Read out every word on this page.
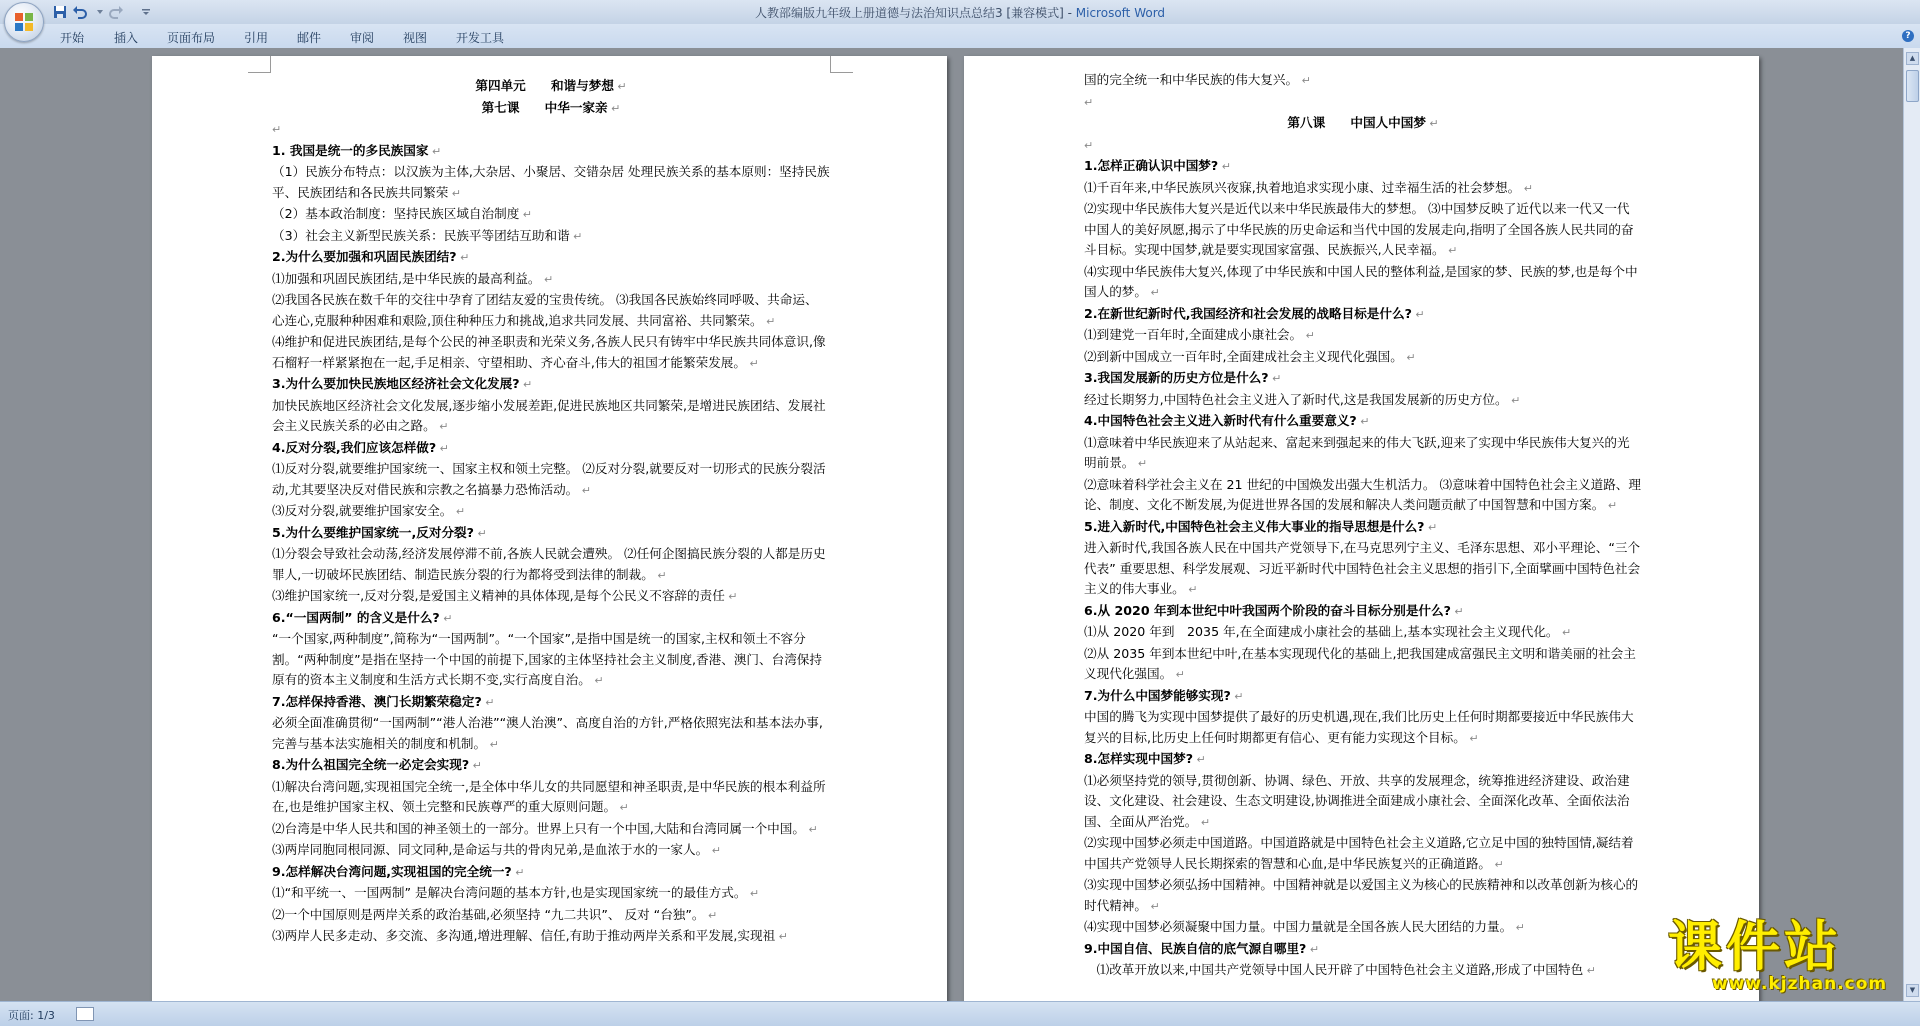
人教部编版九年级上册道德与法治知识点总结3 [兼容模式] - Microsoft Word
开始 插入 页面布局 引用 邮件 审阅 视图 开发工具	?

第四单元　　和谐与梦想 ↵

第七课　　中华一家亲 ↵

↵

1. 我国是统一的多民族国家 ↵

（1）民族分布特点：以汉族为主体,大杂居、小聚居、交错杂居 处理民族关系的基本原则：坚持民族平、民族团结和各民族共同繁荣 ↵

（2）基本政治制度：坚持民族区域自治制度 ↵

（3）社会主义新型民族关系：民族平等团结互助和谐 ↵

2.为什么要加强和巩固民族团结? ↵

⑴加强和巩固民族团结,是中华民族的最高利益。 ↵

⑵我国各民族在数千年的交往中孕育了团结友爱的宝贵传统。 ⑶我国各民族始终同呼吸、共命运、心连心,克服种种困难和艰险,顶住种种压力和挑战,追求共同发展、共同富裕、共同繁荣。 ↵

⑷维护和促进民族团结,是每个公民的神圣职责和光荣义务,各族人民只有铸牢中华民族共同体意识,像石榴籽一样紧紧抱在一起,手足相亲、守望相助、齐心奋斗,伟大的祖国才能繁荣发展。 ↵

3.为什么要加快民族地区经济社会文化发展? ↵

加快民族地区经济社会文化发展,逐步缩小发展差距,促进民族地区共同繁荣,是增进民族团结、发展社会主义民族关系的必由之路。 ↵

4.反对分裂,我们应该怎样做? ↵

⑴反对分裂,就要维护国家统一、国家主权和领土完整。 ⑵反对分裂,就要反对一切形式的民族分裂活动,尤其要坚决反对借民族和宗教之名搞暴力恐怖活动。 ↵

⑶反对分裂,就要维护国家安全。 ↵

5.为什么要维护国家统一,反对分裂? ↵

⑴分裂会导致社会动荡,经济发展停滞不前,各族人民就会遭殃。 ⑵任何企图搞民族分裂的人都是历史罪人,一切破坏民族团结、制造民族分裂的行为都将受到法律的制裁。 ↵

⑶维护国家统一,反对分裂,是爱国主义精神的具体体现,是每个公民义不容辞的责任 ↵

6.“一国两制” 的含义是什么? ↵

“一个国家,两种制度”,简称为“一国两制”。“一个国家”,是指中国是统一的国家,主权和领土不容分割。“两种制度”是指在坚持一个中国的前提下,国家的主体坚持社会主义制度,香港、澳门、台湾保持原有的资本主义制度和生活方式长期不变,实行高度自治。 ↵

7.怎样保持香港、澳门长期繁荣稳定? ↵

必须全面准确贯彻“一国两制”“港人治港”“澳人治澳”、高度自治的方针,严格依照宪法和基本法办事,完善与基本法实施相关的制度和机制。 ↵

8.为什么祖国完全统一必定会实现? ↵

⑴解决台湾问题,实现祖国完全统一,是全体中华儿女的共同愿望和神圣职责,是中华民族的根本利益所在,也是维护国家主权、领土完整和民族尊严的重大原则问题。 ↵

⑵台湾是中华人民共和国的神圣领土的一部分。世界上只有一个中国,大陆和台湾同属一个中国。 ↵

⑶两岸同胞同根同源、同文同种,是命运与共的骨肉兄弟,是血浓于水的一家人。 ↵

9.怎样解决台湾问题,实现祖国的完全统一? ↵

⑴“和平统一、一国两制” 是解决台湾问题的基本方针,也是实现国家统一的最佳方式。 ↵

⑵一个中国原则是两岸关系的政治基础,必须坚持 “九二共识”、 反对 “台独”。 ↵

⑶两岸人民多走动、多交流、多沟通,增进理解、信任,有助于推动两岸关系和平发展,实现祖 ↵

国的完全统一和中华民族的伟大复兴。 ↵

↵

第八课　　中国人中国梦 ↵

↵

1.怎样正确认识中国梦? ↵

⑴千百年来,中华民族夙兴夜寐,执着地追求实现小康、过幸福生活的社会梦想。 ↵

⑵实现中华民族伟大复兴是近代以来中华民族最伟大的梦想。 ⑶中国梦反映了近代以来一代又一代中国人的美好夙愿,揭示了中华民族的历史命运和当代中国的发展走向,指明了全国各族人民共同的奋斗目标。实现中国梦,就是要实现国家富强、民族振兴,人民幸福。 ↵

⑷实现中华民族伟大复兴,体现了中华民族和中国人民的整体利益,是国家的梦、民族的梦,也是每个中国人的梦。 ↵

2.在新世纪新时代,我国经济和社会发展的战略目标是什么? ↵

⑴到建党一百年时,全面建成小康社会。 ↵

⑵到新中国成立一百年时,全面建成社会主义现代化强国。 ↵

3.我国发展新的历史方位是什么? ↵

经过长期努力,中国特色社会主义进入了新时代,这是我国发展新的历史方位。 ↵

4.中国特色社会主义进入新时代有什么重要意义? ↵

⑴意味着中华民族迎来了从站起来、富起来到强起来的伟大飞跃,迎来了实现中华民族伟大复兴的光明前景。 ↵

⑵意味着科学社会主义在 21 世纪的中国焕发出强大生机活力。 ⑶意味着中国特色社会主义道路、理论、制度、文化不断发展,为促进世界各国的发展和解决人类问题贡献了中国智慧和中国方案。 ↵

5.进入新时代,中国特色社会主义伟大事业的指导思想是什么? ↵

进入新时代,我国各族人民在中国共产党领导下,在马克思列宁主义、毛泽东思想、邓小平理论、“三个代表” 重要思想、科学发展观、习近平新时代中国特色社会主义思想的指引下,全面擘画中国特色社会主义的伟大事业。 ↵

6.从 2020 年到本世纪中叶我国两个阶段的奋斗目标分别是什么? ↵

⑴从 2020 年到　2035 年,在全面建成小康社会的基础上,基本实现社会主义现代化。 ↵

⑵从 2035 年到本世纪中叶,在基本实现现代化的基础上,把我国建成富强民主文明和谐美丽的社会主义现代化强国。 ↵

7.为什么中国梦能够实现? ↵

中国的腾飞为实现中国梦提供了最好的历史机遇,现在,我们比历史上任何时期都要接近中华民族伟大复兴的目标,比历史上任何时期都更有信心、更有能力实现这个目标。 ↵

8.怎样实现中国梦? ↵

⑴必须坚持党的领导,贯彻创新、协调、绿色、开放、共享的发展理念，统筹推进经济建设、政治建设、文化建设、社会建设、生态文明建设,协调推进全面建成小康社会、全面深化改革、全面依法治国、全面从严治党。 ↵

⑵实现中国梦必须走中国道路。中国道路就是中国特色社会主义道路,它立足中国的独特国情,凝结着中国共产党领导人民长期探索的智慧和心血,是中华民族复兴的正确道路。 ↵

⑶实现中国梦必须弘扬中国精神。中国精神就是以爱国主义为核心的民族精神和以改革创新为核心的时代精神。 ↵

⑷实现中国梦必须凝聚中国力量。中国力量就是全国各族人民大团结的力量。 ↵

9.中国自信、民族自信的底气源自哪里? ↵

　⑴改革开放以来,中国共产党领导中国人民开辟了中国特色社会主义道路,形成了中国特色 ↵

▲
▼
页面: 1/3
课件站
www.kjzhan.com
